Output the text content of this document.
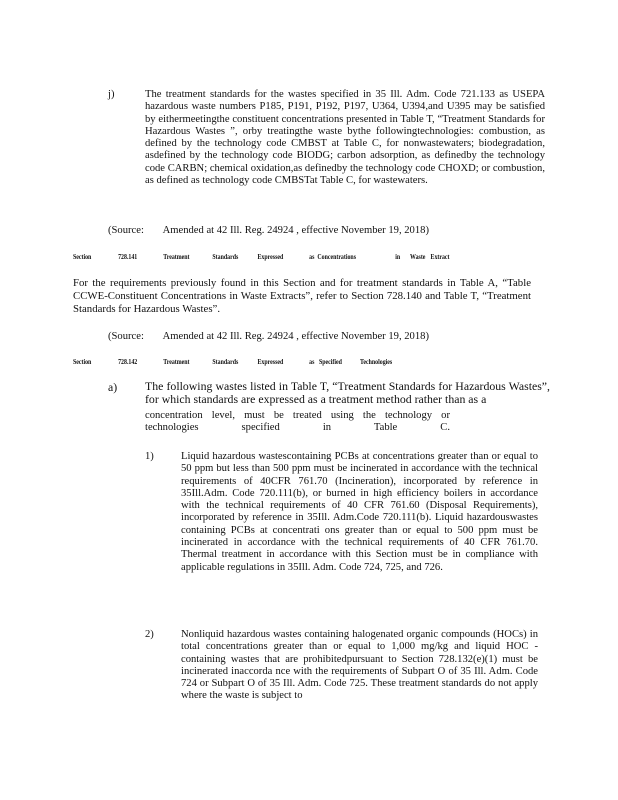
j)	The treatment standards for the wastes specified in 35 Ill. Adm. Code 721.133 as USEPA hazardous waste numbers P185, P191, P192, P197, U364, U394,and U395 may be satisfied by eithermeetingthe constituent concentrations presented in Table T, “Treatment Standards for Hazardous Wastes ”, orby treatingthe waste bythe followingtechnologies: combustion, as defined by the technology code CMBST at Table C, for nonwastewaters; biodegradation, asdefined by the technology code BIODG; carbon adsorption, as definedby the technology code CARBN; chemical oxidation,as definedby the technology code CHOXD; or combustion, as defined as technology code CMBSTat Table C, for wastewaters.
(Source: Amended at 42 Ill. Reg. 24924 , effective November 19, 2018)
Section	728.141	Treatment	Standards	Expressed	as Concentrations	in Waste Extract
For the requirements previously found in this Section and for treatment standards in Table A, “Table CCWE-Constituent Concentrations in Waste Extracts”, refer to Section 728.140 and Table T, “Treatment Standards for Hazardous Wastes”.
(Source: Amended at 42 Ill. Reg. 24924 , effective November 19, 2018)
Section	728.142	Treatment	Standards	Expressed	as Specified	Technologies
a) The following wastes listed in Table T, “Treatment Standards for Hazardous Wastes”, for which standards are expressed as a treatment method rather than as a
concentration level, must be treated using the technology or technologies specified in Table C.
1)	Liquid hazardous wastescontaining PCBs at concentrations greater than or equal to 50 ppm but less than 500 ppm must be incinerated in accordance with the technical requirements of 40CFR 761.70 (Incineration), incorporated by reference in 35Ill.Adm. Code 720.111(b), or burned in high efficiency boilers in accordance with the technical requirements of 40 CFR 761.60 (Disposal Requirements), incorporated by reference in 35Ill. Adm.Code 720.111(b). Liquid hazardouswastes containing PCBs at concentrati ons greater than or equal to 500 ppm must be incinerated in accordance with the technical requirements of 40 CFR 761.70. Thermal treatment in accordance with this Section must be in compliance with applicable regulations in 35Ill. Adm. Code 724, 725, and 726.
2)	Nonliquid hazardous wastes containing halogenated organic compounds (HOCs) in total concentrations greater than or equal to 1,000 mg/kg and liquid HOC -containing wastes that are prohibitedpursuant to Section 728.132(e)(1) must be incinerated inaccorda nce with the requirements of Subpart O of 35 Ill. Adm. Code 724 or Subpart O of 35 Ill. Adm. Code 725. These treatment standards do not apply where the waste is subject to
